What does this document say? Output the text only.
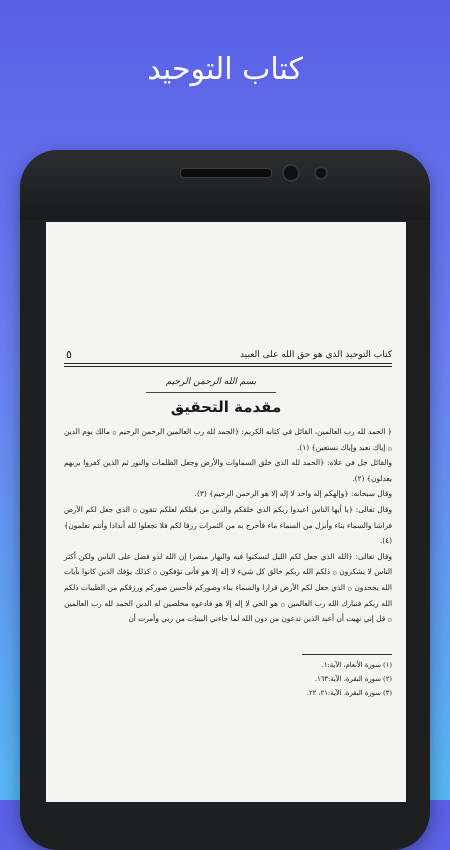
كتاب التوحيد
كتاب التوحيد الذي هو حق الله على العبيد
٥
بسم الله الرحمن الرحيم
مقدمة التحقيق

﴿ الحمد لله رب العالمين، القائل في كتابه الكريم: ﴿الحمد لله رب العالمين الرحمن الرحيم ۞ مالك يوم الدين ۞ إياك نعبد وإياك نستعين﴾ (١).

والقائل جل في علاه: ﴿الحمد لله الذي خلق السماوات والأرض وجعل الظلمات والنور ثم الذين كفروا بربهم يعدلون﴾ (٢).

وقال سبحانه: ﴿وإلهكم إله واحد لا إله إلا هو الرحمن الرحيم﴾ (٣).

وقال تعالى: ﴿يا أيها الناس اعبدوا ربكم الذي خلقكم والذين من قبلكم لعلكم تتقون ۞ الذي جعل لكم الأرض فراشا والسماء بناء وأنزل من السماء ماء فأخرج به من الثمرات رزقا لكم فلا تجعلوا لله أندادا وأنتم تعلمون﴾ (٤).

وقال تعالى: ﴿الله الذي جعل لكم الليل لتسكنوا فيه والنهار مبصرا إن الله لذو فضل على الناس ولكن أكثر الناس لا يشكرون ۞ ذلكم الله ربكم خالق كل شيء لا إله إلا هو فأنى تؤفكون ۞ كذلك يؤفك الذين كانوا بآيات الله يجحدون ۞ الذي جعل لكم الأرض قرارا والسماء بناء وصوركم فأحسن صوركم ورزقكم من الطيبات ذلكم الله ربكم فتبارك الله رب العالمين ۞ هو الحي لا إله إلا هو فادعوه مخلصين له الدين الحمد لله رب العالمين ۞ قل إني نهيت أن أعبد الذين تدعون من دون الله لما جاءني البينات من ربي وأمرت أن

(١) سورة الأنعام، الآية:١.
(٢) سورة البقرة، الآية:١٦٣.
(٣) سورة البقرة، الآية:٢١، ٢٢.
